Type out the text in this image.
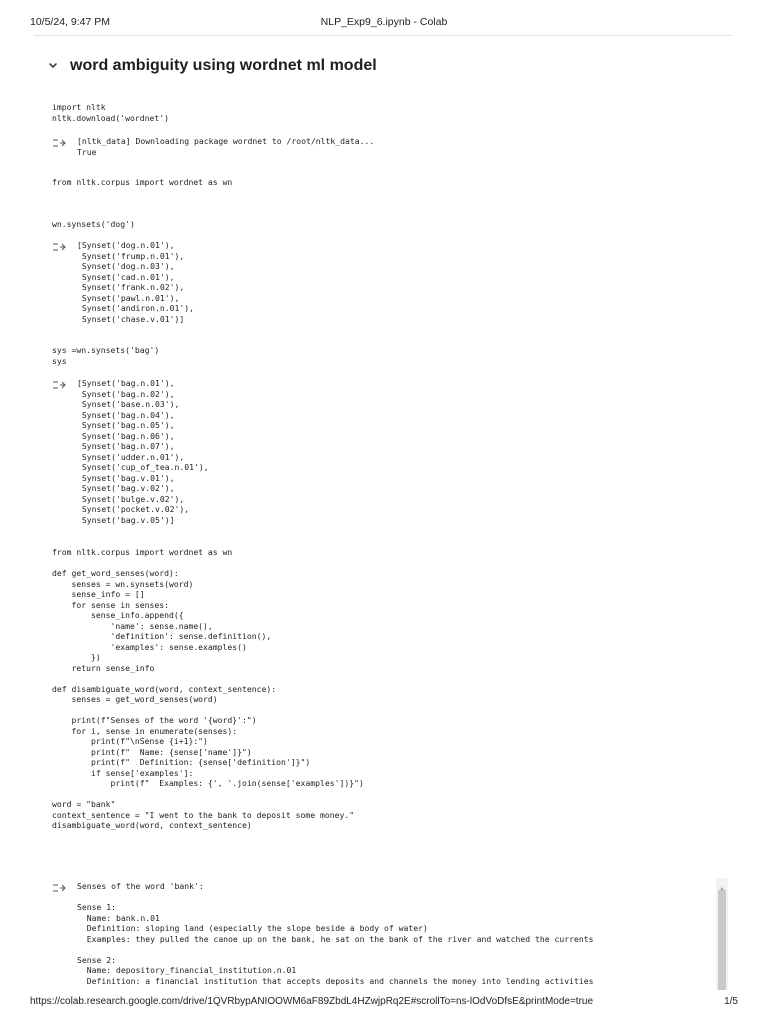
10/5/24, 9:47 PM	NLP_Exp9_6.ipynb - Colab
word ambiguity using wordnet ml model
import nltk
nltk.download('wordnet')
[nltk_data] Downloading package wordnet to /root/nltk_data...
True
from nltk.corpus import wordnet as wn
wn.synsets('dog')
[Synset('dog.n.01'),
Synset('frump.n.01'),
Synset('dog.n.03'),
Synset('cad.n.01'),
Synset('frank.n.02'),
Synset('pawl.n.01'),
Synset('andiron.n.01'),
Synset('chase.v.01')]
sys =wn.synsets('bag')
sys
[Synset('bag.n.01'),
Synset('bag.n.02'),
Synset('base.n.03'),
Synset('bag.n.04'),
Synset('bag.n.05'),
Synset('bag.n.06'),
Synset('bag.n.07'),
Synset('udder.n.01'),
Synset('cup_of_tea.n.01'),
Synset('bag.v.01'),
Synset('bag.v.02'),
Synset('bulge.v.02'),
Synset('pocket.v.02'),
Synset('bag.v.05')]
from nltk.corpus import wordnet as wn

def get_word_senses(word):
senses = wn.synsets(word)
sense_info = []
for sense in senses:
sense_info.append({
'name': sense.name(),
'definition': sense.definition(),
'examples': sense.examples()
})
return sense_info

def disambiguate_word(word, context_sentence):
senses = get_word_senses(word)

print(f"Senses of the word '{word}':")
for i, sense in enumerate(senses):
print(f"\nSense {i+1}:")
print(f"  Name: {sense['name']}")
print(f"  Definition: {sense['definition']}")
if sense['examples']:
print(f"  Examples: {', '.join(sense['examples'])}")

word = "bank"
context_sentence = "I went to the bank to deposit some money."
disambiguate_word(word, context_sentence)
Senses of the word 'bank':

Sense 1:
Name: bank.n.01
Definition: sloping land (especially the slope beside a body of water)
Examples: they pulled the canoe up on the bank, he sat on the bank of the river and watched the currents

Sense 2:
Name: depository_financial_institution.n.01
Definition: a financial institution that accepts deposits and channels the money into lending activities
https://colab.research.google.com/drive/1QVRbypANIOOWM6aF89ZbdL4HZwjpRq2E#scrollTo=ns-lOdVoDfsE&printMode=true	1/5
